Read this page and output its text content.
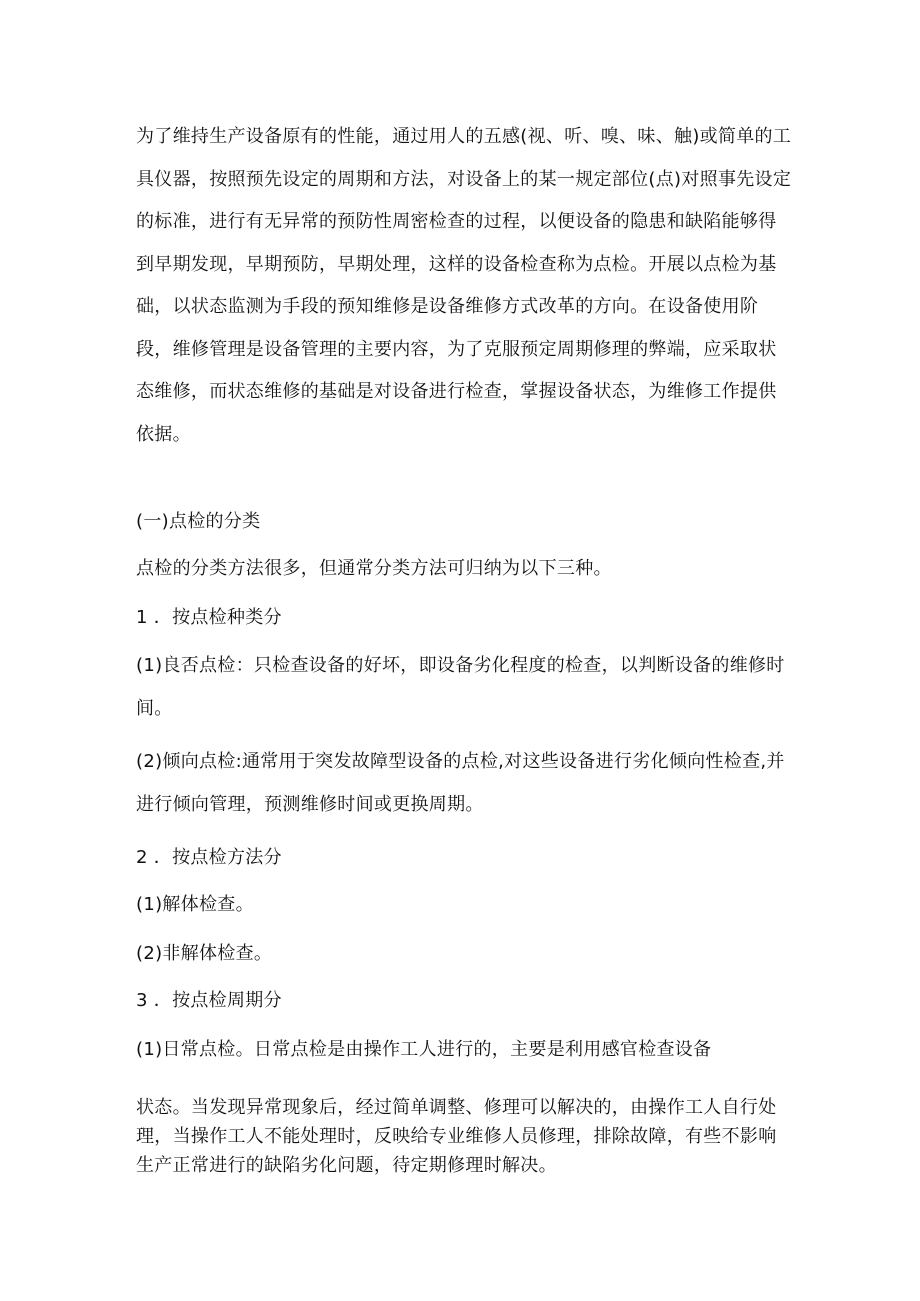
为了维持生产设备原有的性能，通过用人的五感(视、听、嗅、味、触)或简单的工具仪器，按照预先设定的周期和方法，对设备上的某一规定部位(点)对照事先设定的标准，进行有无异常的预防性周密检查的过程，以便设备的隐患和缺陷能够得到早期发现，早期预防，早期处理，这样的设备检查称为点检。开展以点检为基础，以状态监测为手段的预知维修是设备维修方式改革的方向。在设备使用阶段，维修管理是设备管理的主要内容，为了克服预定周期修理的弊端，应采取状态维修，而状态维修的基础是对设备进行检查，掌握设备状态，为维修工作提供依据。

(一)点检的分类

点检的分类方法很多，但通常分类方法可归纳为以下三种。

1 ．按点检种类分

(1)良否点检：只检查设备的好坏，即设备劣化程度的检查，以判断设备的维修时间。

(2)倾向点检:通常用于突发故障型设备的点检,对这些设备进行劣化倾向性检查,并进行倾向管理，预测维修时间或更换周期。

2 ．按点检方法分

(1)解体检查。

(2)非解体检查。

3 ．按点检周期分

(1)日常点检。日常点检是由操作工人进行的，主要是利用感官检查设备

状态。当发现异常现象后，经过简单调整、修理可以解决的，由操作工人自行处理，当操作工人不能处理时，反映给专业维修人员修理，排除故障，有些不影响生产正常进行的缺陷劣化问题，待定期修理时解决。
